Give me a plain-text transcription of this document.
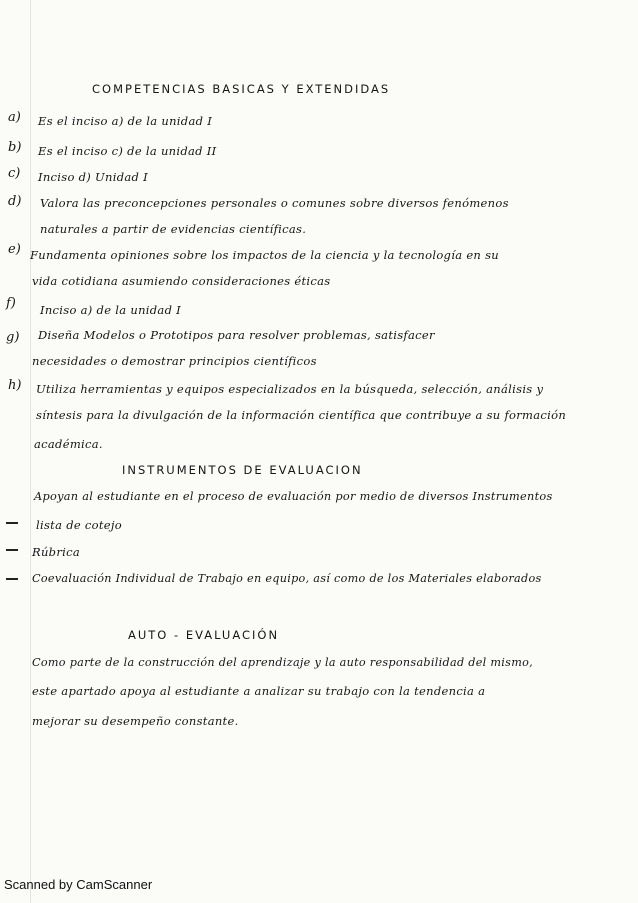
COMPETENCIAS BASICAS Y EXTENDIDAS
a) Es el inciso a) de la unidad I
b) Es el inciso c) de la unidad II
c) Inciso d) Unidad I
d) Valora las preconcepciones personales o comunes sobre diversos fenómenos
naturales a partir de evidencias científicas.
e) Fundamenta opiniones sobre los impactos de la ciencia y la tecnología en su
vida cotidiana asumiendo consideraciones éticas
f) Inciso a) de la unidad I
g) Diseña Modelos o Prototipos para resolver problemas, satisfacer
necesidades o demostrar principios científicos
h) Utiliza herramientas y equipos especializados en la búsqueda, selección, análisis y
síntesis para la divulgación de la información científica que contribuye a su formación
académica.
INSTRUMENTOS DE EVALUACION
Apoyan al estudiante en el proceso de evaluación por medio de diversos Instrumentos
lista de cotejo
Rúbrica
Coevaluación Individual de Trabajo en equipo, así como de los Materiales elaborados
AUTO - EVALUACIÓN
Como parte de la construcción del aprendizaje y la auto responsabilidad del mismo,
este apartado apoya al estudiante a analizar su trabajo con la tendencia a
mejorar su desempeño constante.
Scanned by CamScanner
